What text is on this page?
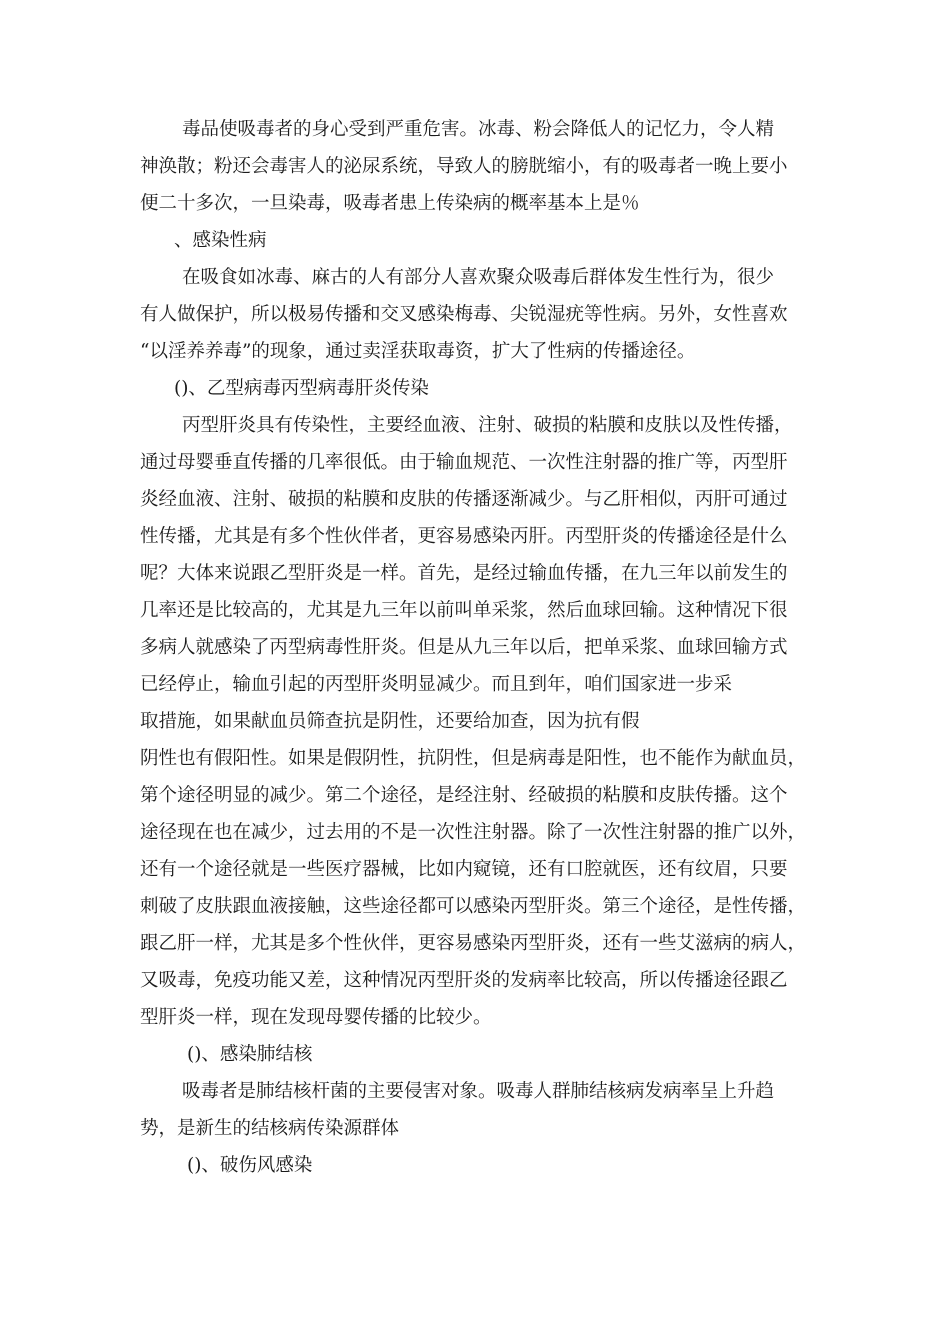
毒品使吸毒者的身心受到严重危害。冰毒、粉会降低人的记忆力，令人精
神涣散；粉还会毒害人的泌尿系统，导致人的膀胱缩小，有的吸毒者一晚上要小
便二十多次，一旦染毒，吸毒者患上传染病的概率基本上是％
、感染性病
在吸食如冰毒、麻古的人有部分人喜欢聚众吸毒后群体发生性行为，很少
有人做保护，所以极易传播和交叉感染梅毒、尖锐湿疣等性病。另外，女性喜欢
“以淫养养毒”的现象，通过卖淫获取毒资，扩大了性病的传播途径。
()、乙型病毒丙型病毒肝炎传染
丙型肝炎具有传染性，主要经血液、注射、破损的粘膜和皮肤以及性传播，
通过母婴垂直传播的几率很低。由于输血规范、一次性注射器的推广等，丙型肝
炎经血液、注射、破损的粘膜和皮肤的传播逐渐减少。与乙肝相似，丙肝可通过
性传播，尤其是有多个性伙伴者，更容易感染丙肝。丙型肝炎的传播途径是什么
呢？大体来说跟乙型肝炎是一样。首先，是经过输血传播，在九三年以前发生的
几率还是比较高的，尤其是九三年以前叫单采浆，然后血球回输。这种情况下很
多病人就感染了丙型病毒性肝炎。但是从九三年以后，把单采浆、血球回输方式
已经停止，输血引起的丙型肝炎明显减少。而且到年，咱们国家进一步采
取措施，如果献血员筛查抗是阴性，还要给加查，因为抗有假
阴性也有假阳性。如果是假阴性，抗阴性，但是病毒是阳性，也不能作为献血员，
第个途径明显的减少。第二个途径，是经注射、经破损的粘膜和皮肤传播。这个
途径现在也在减少，过去用的不是一次性注射器。除了一次性注射器的推广以外，
还有一个途径就是一些医疗器械，比如内窥镜，还有口腔就医，还有纹眉，只要
刺破了皮肤跟血液接触，这些途径都可以感染丙型肝炎。第三个途径，是性传播，
跟乙肝一样，尤其是多个性伙伴，更容易感染丙型肝炎，还有一些艾滋病的病人，
又吸毒，免疫功能又差，这种情况丙型肝炎的发病率比较高，所以传播途径跟乙
型肝炎一样，现在发现母婴传播的比较少。
()、感染肺结核
吸毒者是肺结核杆菌的主要侵害对象。吸毒人群肺结核病发病率呈上升趋
势，是新生的结核病传染源群体
()、破伤风感染
